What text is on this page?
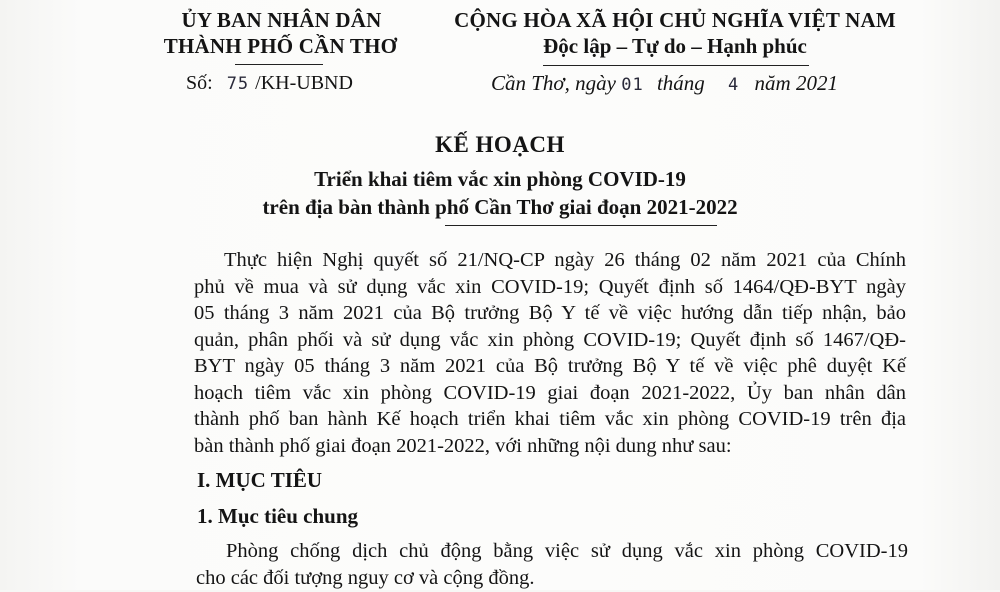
ỦY BAN NHÂN DÂN
THÀNH PHỐ CẦN THƠ
Số: 75 /KH-UBND
CỘNG HÒA XÃ HỘI CHỦ NGHĨA VIỆT NAM
Độc lập – Tự do – Hạnh phúc
Cần Thơ, ngày 01 tháng 4 năm 2021
KẾ HOẠCH
Triển khai tiêm vắc xin phòng COVID-19
trên địa bàn thành phố Cần Thơ giai đoạn 2021-2022
Thực hiện Nghị quyết số 21/NQ-CP ngày 26 tháng 02 năm 2021 của Chính
phủ về mua và sử dụng vắc xin COVID-19; Quyết định số 1464/QĐ-BYT ngày
05 tháng 3 năm 2021 của Bộ trưởng Bộ Y tế về việc hướng dẫn tiếp nhận, bảo
quản, phân phối và sử dụng vắc xin phòng COVID-19; Quyết định số 1467/QĐ-
BYT ngày 05 tháng 3 năm 2021 của Bộ trưởng Bộ Y tế về việc phê duyệt Kế
hoạch tiêm vắc xin phòng COVID-19 giai đoạn 2021-2022, Ủy ban nhân dân
thành phố ban hành Kế hoạch triển khai tiêm vắc xin phòng COVID-19 trên địa
bàn thành phố giai đoạn 2021-2022, với những nội dung như sau:
I. MỤC TIÊU
1. Mục tiêu chung
Phòng chống dịch chủ động bằng việc sử dụng vắc xin phòng COVID-19
cho các đối tượng nguy cơ và cộng đồng.
